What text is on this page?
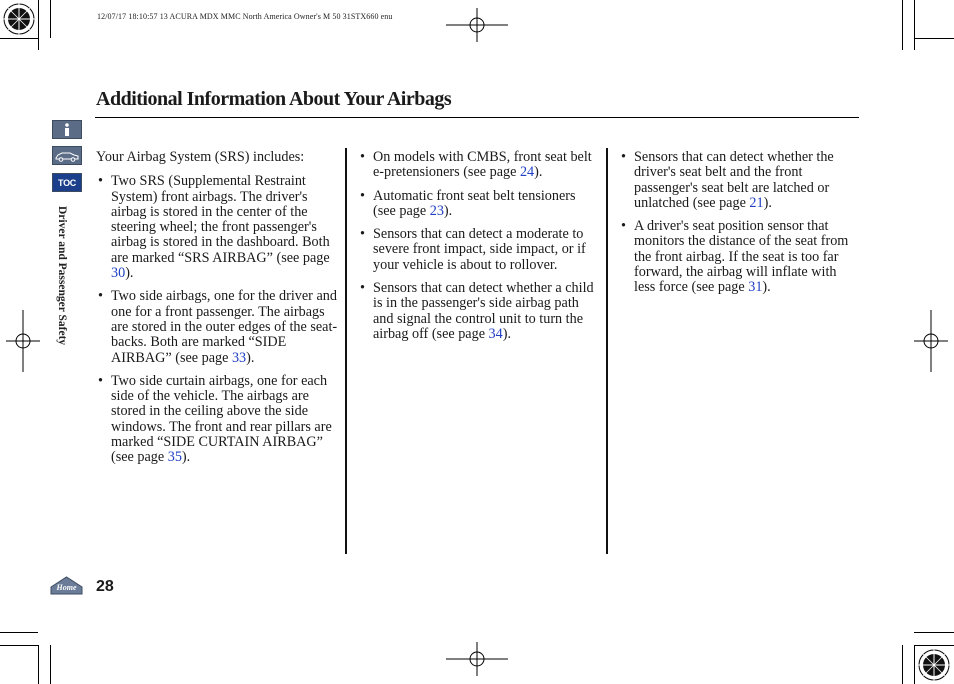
12/07/17 18:10:57 13 ACURA MDX MMC North America Owner's M 50 31STX660 enu
Additional Information About Your Airbags
TOC
Driver and Passenger Safety

Your Airbag System (SRS) includes:

• Two SRS (Supplemental Restraint System) front airbags. The driver's airbag is stored in the center of the steering wheel; the front passenger's airbag is stored in the dashboard. Both are marked “SRS AIRBAG” (see page 30).
• Two side airbags, one for the driver and one for a front passenger. The airbags are stored in the outer edges of the seat-backs. Both are marked “SIDE AIRBAG” (see page 33).
• Two side curtain airbags, one for each side of the vehicle. The airbags are stored in the ceiling above the side windows. The front and rear pillars are marked “SIDE CURTAIN AIRBAG” (see page 35).
• On models with CMBS, front seat belt e-pretensioners (see page 24).
• Automatic front seat belt tensioners (see page 23).
• Sensors that can detect a moderate to severe front impact, side impact, or if your vehicle is about to rollover.
• Sensors that can detect whether a child is in the passenger's side airbag path and signal the control unit to turn the airbag off (see page 34).
• Sensors that can detect whether the driver's seat belt and the front passenger's seat belt are latched or unlatched (see page 21).
• A driver's seat position sensor that monitors the distance of the seat from the front airbag. If the seat is too far forward, the airbag will inflate with less force (see page 31).
Home 28
